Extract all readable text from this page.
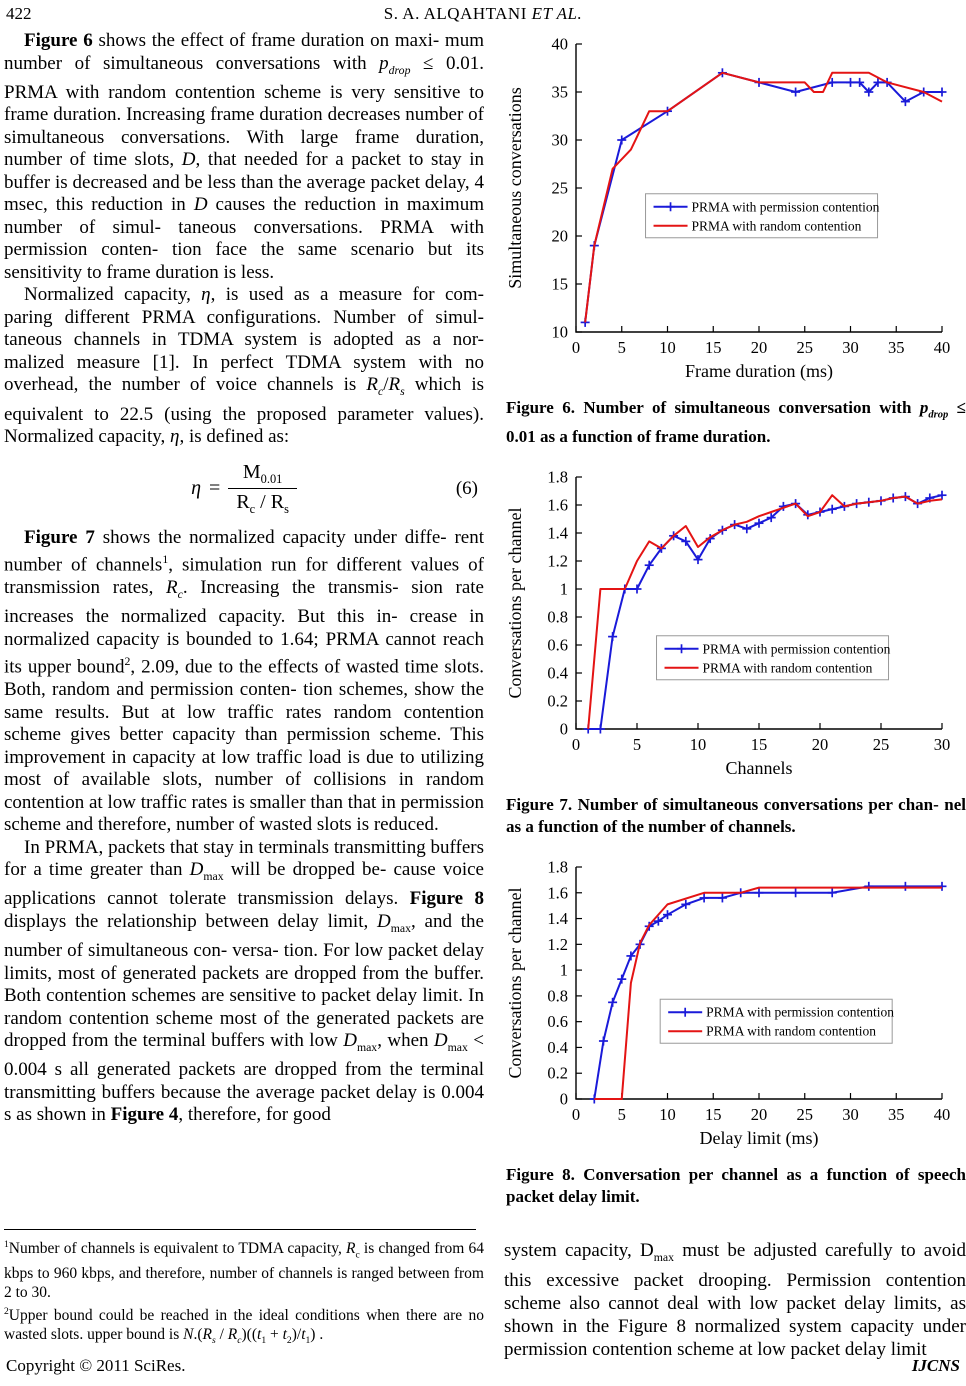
422	S. A. ALQAHTANI ET AL.

Figure 6 shows the effect of frame duration on maxi- mum number of simultaneous conversations with $p_{drop} \le 0.01$. PRMA with random contention scheme is very sensitive to frame duration. Increasing frame duration decreases number of simultaneous conversations. With large frame duration, number of time slots, D, that needed for a packet to stay in buffer is decreased and be less than the average packet delay, 4 msec, this reduction in D causes the reduction in maximum number of simul- taneous conversations. PRMA with permission conten- tion face the same scenario but its sensitivity to frame duration is less.

Normalized capacity, η, is used as a measure for com- paring different PRMA configurations. Number of simul- taneous channels in TDMA system is adopted as a nor- malized measure [1]. In perfect TDMA system with no overhead, the number of voice channels is $R_c/R_s$ which is equivalent to 22.5 (using the proposed parameter values). Normalized capacity, η, is defined as:

$\eta = \frac{M_{0.01}}{R_c / R_s}$	(6)

Figure 7 shows the normalized capacity under diffe- rent number of channels$^1$, simulation run for different values of transmission rates, $R_c$. Increasing the transmis- sion rate increases the normalized capacity. But this in- crease in normalized capacity is bounded to 1.64; PRMA cannot reach its upper bound$^2$, 2.09, due to the effects of wasted time slots. Both, random and permission conten- tion schemes, show the same results. But at low traffic rates random contention scheme gives better capacity than permission scheme. This improvement in capacity at low traffic load is due to utilizing most of available slots, number of collisions in random contention at low traffic rates is smaller than that in permission scheme and therefore, number of wasted slots is reduced.

In PRMA, packets that stay in terminals transmitting buffers for a time greater than $D_{max}$ will be dropped be- cause voice applications cannot tolerate transmission delays. Figure 8 displays the relationship between delay limit, $D_{max}$, and the number of simultaneous con- versa- tion. For low packet delay limits, most of generated packets are dropped from the buffer. Both contention schemes are sensitive to packet delay limit. In random contention scheme most of the generated packets are dropped from the terminal buffers with low $D_{max}$, when $D_{max} < 0.004$ s all generated packets are dropped from the terminal transmitting buffers because the average packet delay is 0.004 s as shown in Figure 4, therefore, for good

$^1$Number of channels is equivalent to TDMA capacity, $R_c$ is changed from 64 kbps to 960 kbps, and therefore, number of channels is ranged between from 2 to 30.
$^2$Upper bound could be reached in the ideal conditions when there are no wasted slots. upper bound is $N.(R_s / R_c)((t_1 + t_2)/t_1)$ .
0 5 10 15 20 25 30 35 40
10
15
20
25
30
35
40
Frame duration (ms)
Simultaneous conversations	PRMA with permission contention
PRMA with random contention
Figure 6. Number of simultaneous conversation with $p_{drop} \le 0.01$ as a function of frame duration.
0	5	10	15	20	25	30
0
0.2
0.4
0.6
0.8
1
1.2
1.4
1.6
1.8
Channels
Conversations per channel	PRMA with permission contention
PRMA with random contention
Figure 7. Number of simultaneous conversations per chan- nel as a function of the number of channels.
0 5 10 15 20 25 30 35 40
0
0.2
0.4
0.6
0.8
1
1.2
1.4
1.6
1.8
Delay limit (ms)
Conversations per channel	PRMA with permission contention
PRMA with random contention
Figure 8. Conversation per channel as a function of speech packet delay limit.

system capacity, $D_{max}$ must be adjusted carefully to avoid this excessive packet drooping. Permission contention scheme also cannot deal with low packet delay limits, as shown in the Figure 8 normalized system capacity under permission contention scheme at low packet delay limit

Copyright © 2011 SciRes.	IJCNS
